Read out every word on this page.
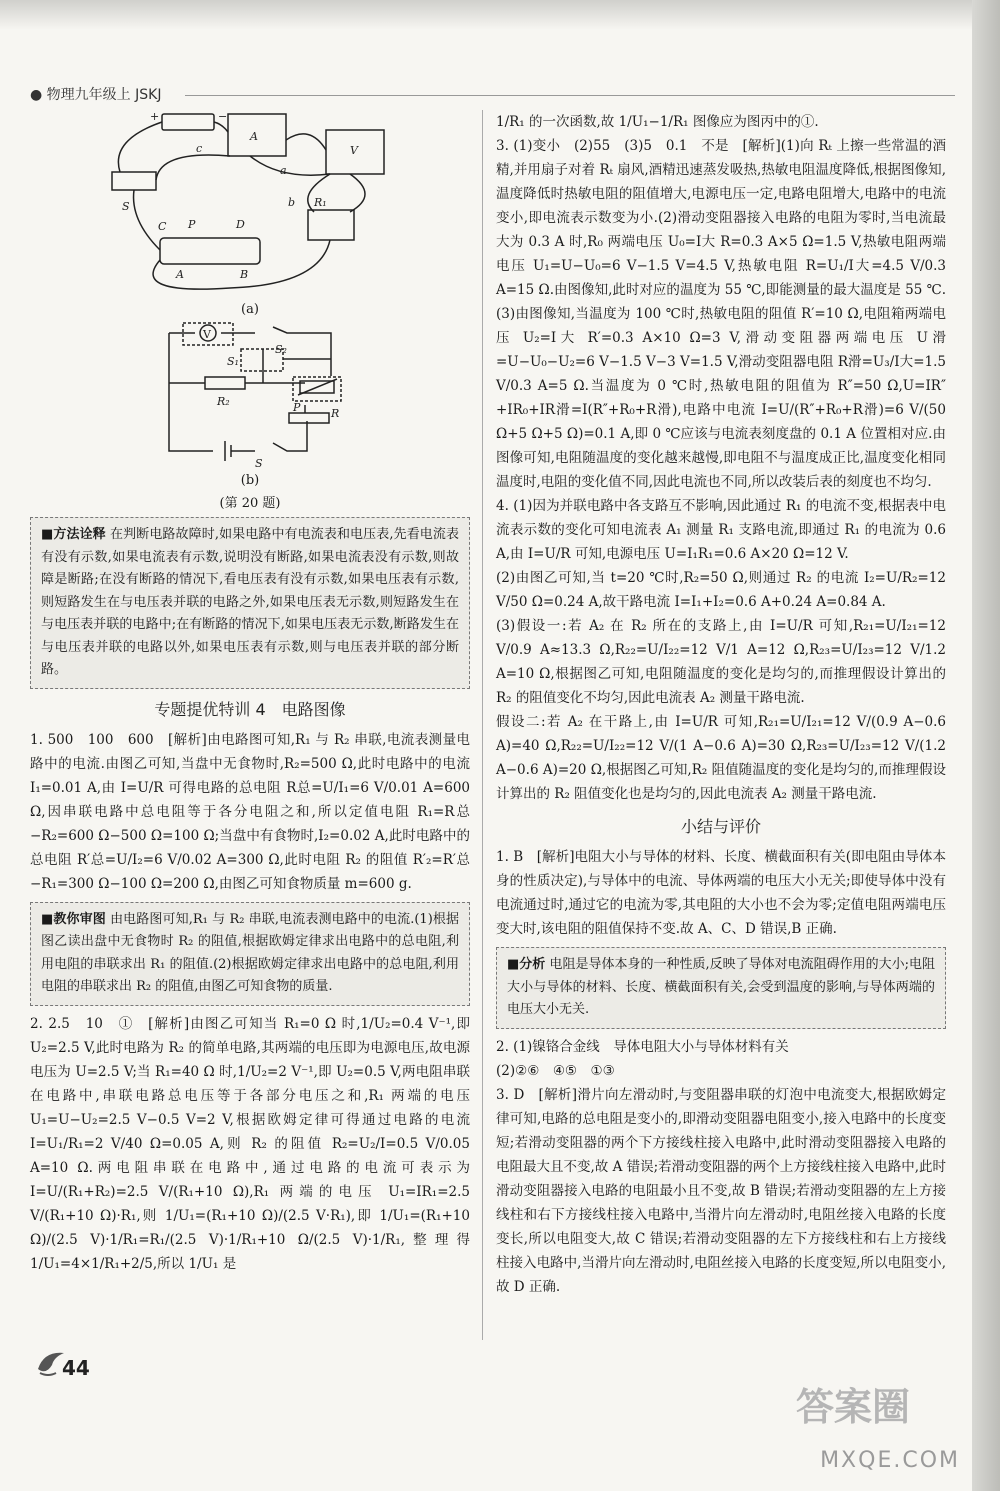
● 物理九年级上 JSKJ
c
a
b
S
C P	D
A	B
R₁
A
V
+	−
(a)
V
S₁
S₂
R₂
R
P
S
(b)
(第 20 题)
■方法诠释 在判断电路故障时,如果电路中有电流表和电压表,先看电流表有没有示数,如果电流表有示数,说明没有断路,如果电流表没有示数,则故障是断路;在没有断路的情况下,看电压表有没有示数,如果电压表有示数,则短路发生在与电压表并联的电路之外,如果电压表无示数,则短路发生在与电压表并联的电路中;在有断路的情况下,如果电压表无示数,断路发生在与电压表并联的电路以外,如果电压表有示数,则与电压表并联的部分断路。
专题提优特训 4　电路图像
1. 500　100　600　[解析]由电路图可知,R₁ 与 R₂ 串联,电流表测量电路中的电流.由图乙可知,当盘中无食物时,R₂=500 Ω,此时电路中的电流 I₁=0.01 A,由 I=U/R 可得电路的总电阻 R总=U/I₁=6 V/0.01 A=600 Ω,因串联电路中总电阻等于各分电阻之和,所以定值电阻 R₁=R总−R₂=600 Ω−500 Ω=100 Ω;当盘中有食物时,I₂=0.02 A,此时电路中的总电阻 R′总=U/I₂=6 V/0.02 A=300 Ω,此时电阻 R₂ 的阻值 R′₂=R′总−R₁=300 Ω−100 Ω=200 Ω,由图乙可知食物质量 m=600 g.
■教你审图 由电路图可知,R₁ 与 R₂ 串联,电流表测电路中的电流.(1)根据图乙读出盘中无食物时 R₂ 的阻值,根据欧姆定律求出电路中的总电阻,利用电阻的串联求出 R₁ 的阻值.(2)根据欧姆定律求出电路中的总电阻,利用电阻的串联求出 R₂ 的阻值,由图乙可知食物的质量.
2. 2.5　10　①　[解析]由图乙可知当 R₁=0 Ω 时,1/U₂=0.4 V⁻¹,即 U₂=2.5 V,此时电路为 R₂ 的简单电路,其两端的电压即为电源电压,故电源电压为 U=2.5 V;当 R₁=40 Ω 时,1/U₂=2 V⁻¹,即 U₂=0.5 V,两电阻串联在电路中,串联电路总电压等于各部分电压之和,R₁ 两端的电压 U₁=U−U₂=2.5 V−0.5 V=2 V,根据欧姆定律可得通过电路的电流 I=U₁/R₁=2 V/40 Ω=0.05 A,则 R₂ 的阻值 R₂=U₂/I=0.5 V/0.05 A=10 Ω.两电阻串联在电路中,通过电路的电流可表示为 I=U/(R₁+R₂)=2.5 V/(R₁+10 Ω),R₁ 两端的电压 U₁=IR₁=2.5 V/(R₁+10 Ω)·R₁,则 1/U₁=(R₁+10 Ω)/(2.5 V·R₁),即 1/U₁=(R₁+10 Ω)/(2.5 V)·1/R₁=R₁/(2.5 V)·1/R₁+10 Ω/(2.5 V)·1/R₁,整理得 1/U₁=4×1/R₁+2/5,所以 1/U₁ 是
1/R₁ 的一次函数,故 1/U₁−1/R₁ 图像应为图丙中的①.
3. (1)变小　(2)55　(3)5　0.1　不是　[解析](1)向 Rₜ 上擦一些常温的酒精,并用扇子对着 Rₜ 扇风,酒精迅速蒸发吸热,热敏电阻温度降低,根据图像知,温度降低时热敏电阻的阻值增大,电源电压一定,电路电阻增大,电路中的电流变小,即电流表示数变为小.(2)滑动变阻器接入电路的电阻为零时,当电流最大为 0.3 A 时,R₀ 两端电压 U₀=I大 R=0.3 A×5 Ω=1.5 V,热敏电阻两端电压 U₁=U−U₀=6 V−1.5 V=4.5 V,热敏电阻 R=U₁/I大=4.5 V/0.3 A=15 Ω.由图像知,此时对应的温度为 55 ℃,即能测量的最大温度是 55 ℃.(3)由图像知,当温度为 100 ℃时,热敏电阻的阻值 R′=10 Ω,电阻箱两端电压 U₂=I大 R′=0.3 A×10 Ω=3 V,滑动变阻器两端电压 U滑=U−U₀−U₂=6 V−1.5 V−3 V=1.5 V,滑动变阻器电阻 R滑=U₃/I大=1.5 V/0.3 A=5 Ω.当温度为 0 ℃时,热敏电阻的阻值为 R″=50 Ω,U=IR″+IR₀+IR滑=I(R″+R₀+R滑),电路中电流 I=U/(R″+R₀+R滑)=6 V/(50 Ω+5 Ω+5 Ω)=0.1 A,即 0 ℃应该与电流表刻度盘的 0.1 A 位置相对应.由图像可知,电阻随温度的变化越来越慢,即电阻不与温度成正比,温度变化相同温度时,电阻的变化值不同,因此电流也不同,所以改装后表的刻度也不均匀.
4. (1)因为并联电路中各支路互不影响,因此通过 R₁ 的电流不变,根据表中电流表示数的变化可知电流表 A₁ 测量 R₁ 支路电流,即通过 R₁ 的电流为 0.6 A,由 I=U/R 可知,电源电压 U=I₁R₁=0.6 A×20 Ω=12 V.
(2)由图乙可知,当 t=20 ℃时,R₂=50 Ω,则通过 R₂ 的电流 I₂=U/R₂=12 V/50 Ω=0.24 A,故干路电流 I=I₁+I₂=0.6 A+0.24 A=0.84 A.
(3)假设一:若 A₂ 在 R₂ 所在的支路上,由 I=U/R 可知,R₂₁=U/I₂₁=12 V/0.9 A≈13.3 Ω,R₂₂=U/I₂₂=12 V/1 A=12 Ω,R₂₃=U/I₂₃=12 V/1.2 A=10 Ω,根据图乙可知,电阻随温度的变化是均匀的,而推理假设计算出的 R₂ 的阻值变化不均匀,因此电流表 A₂ 测量干路电流.
假设二:若 A₂ 在干路上,由 I=U/R 可知,R₂₁=U/I₂₁=12 V/(0.9 A−0.6 A)=40 Ω,R₂₂=U/I₂₂=12 V/(1 A−0.6 A)=30 Ω,R₂₃=U/I₂₃=12 V/(1.2 A−0.6 A)=20 Ω,根据图乙可知,R₂ 阻值随温度的变化是均匀的,而推理假设计算出的 R₂ 阻值变化也是均匀的,因此电流表 A₂ 测量干路电流.
小结与评价
1. B　[解析]电阻大小与导体的材料、长度、横截面积有关(即电阻由导体本身的性质决定),与导体中的电流、导体两端的电压大小无关;即使导体中没有电流通过时,通过它的电流为零,其电阻的大小也不会为零;定值电阻两端电压变大时,该电阻的阻值保持不变.故 A、C、D 错误,B 正确.
■分析 电阻是导体本身的一种性质,反映了导体对电流阻碍作用的大小;电阻大小与导体的材料、长度、横截面积有关,会受到温度的影响,与导体两端的电压大小无关.
2. (1)镍铬合金线　导体电阻大小与导体材料有关
(2)②⑥　④⑤　①③
3. D　[解析]滑片向左滑动时,与变阻器串联的灯泡中电流变大,根据欧姆定律可知,电路的总电阻是变小的,即滑动变阻器电阻变小,接入电路中的长度变短;若滑动变阻器的两个下方接线柱接入电路中,此时滑动变阻器接入电路的电阻最大且不变,故 A 错误;若滑动变阻器的两个上方接线柱接入电路中,此时滑动变阻器接入电路的电阻最小且不变,故 B 错误;若滑动变阻器的左上方接线柱和右下方接线柱接入电路中,当滑片向左滑动时,电阻丝接入电路的长度变长,所以电阻变大,故 C 错误;若滑动变阻器的左下方接线柱和右上方接线柱接入电路中,当滑片向左滑动时,电阻丝接入电路的长度变短,所以电阻变小,故 D 正确.
44
答案圈
MXQE.COM
